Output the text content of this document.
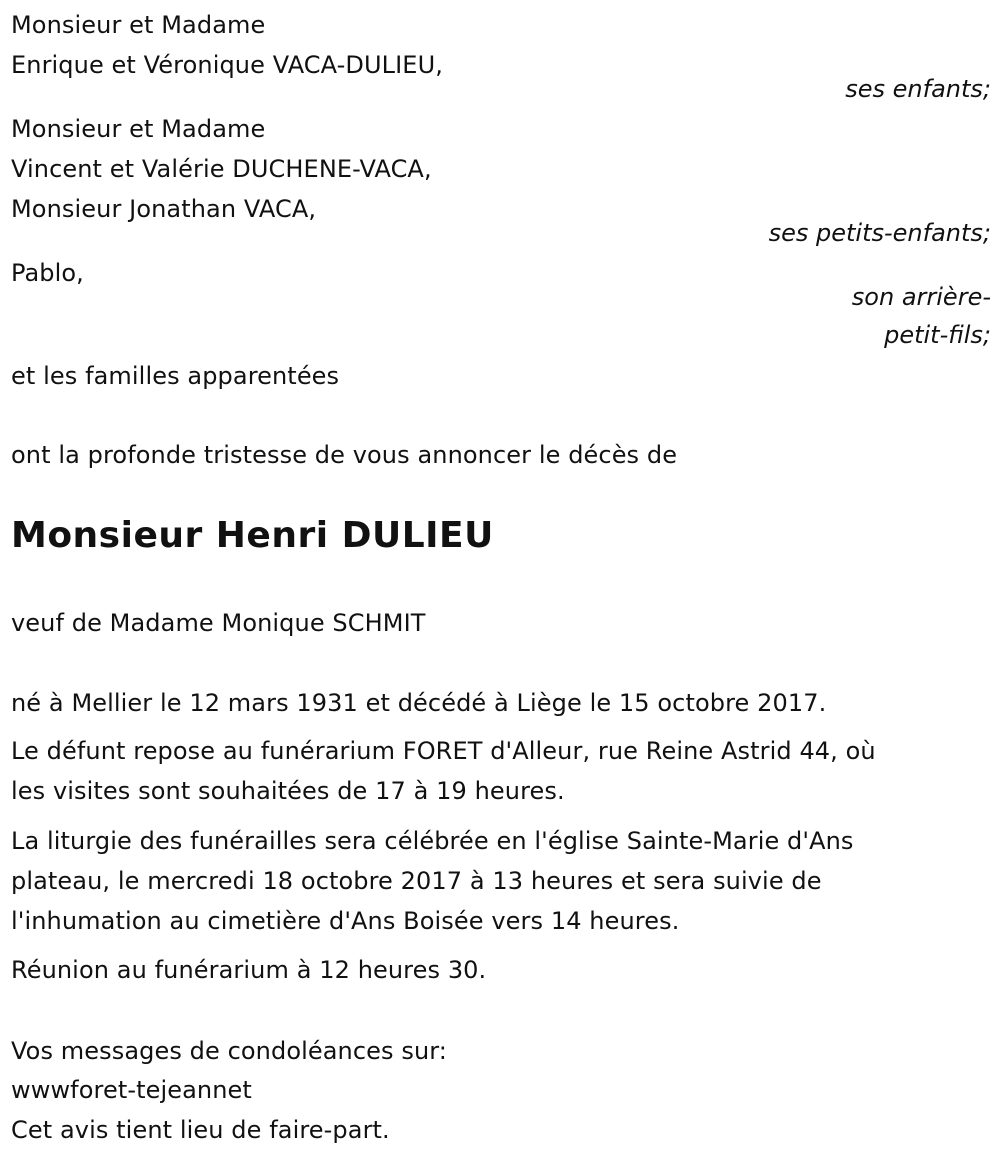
Monsieur et Madame
Enrique et Véronique VACA-DULIEU,
ses enfants;
Monsieur et Madame
Vincent et Valérie DUCHENE-VACA,
Monsieur Jonathan VACA,
ses petits-enfants;
Pablo,
son arrière-
petit-fils;
et les familles apparentées
ont la profonde tristesse de vous annoncer le décès de
Monsieur Henri DULIEU
veuf de Madame Monique SCHMIT
né à Mellier le 12 mars 1931 et décédé à Liège le 15 octobre 2017.
Le défunt repose au funérarium FORET d'Alleur, rue Reine Astrid 44, où
les visites sont souhaitées de 17 à 19 heures.
La liturgie des funérailles sera célébrée en l'église Sainte-Marie d'Ans
plateau, le mercredi 18 octobre 2017 à 13 heures et sera suivie de
l'inhumation au cimetière d'Ans Boisée vers 14 heures.
Réunion au funérarium à 12 heures 30.
Vos messages de condoléances sur:
wwwforet-tejeannet
Cet avis tient lieu de faire-part.
